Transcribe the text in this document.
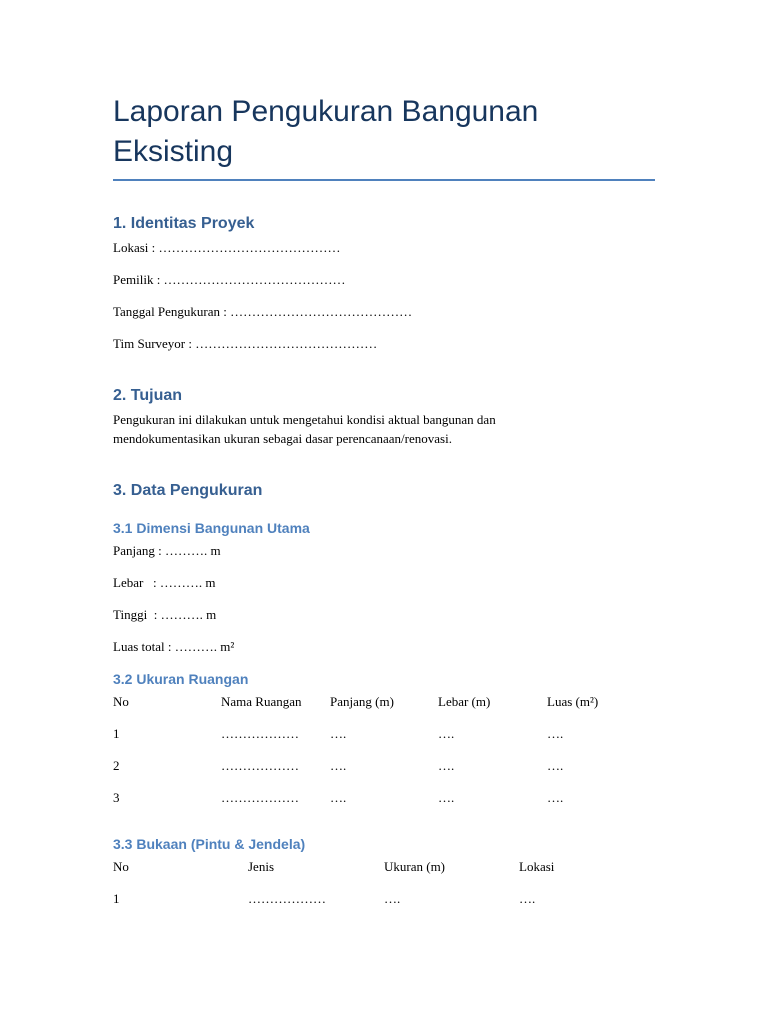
Laporan Pengukuran Bangunan
Eksisting
1. Identitas Proyek

Lokasi : ……………………………………

Pemilik : ……………………………………

Tanggal Pengukuran : ……………………………………

Tim Surveyor : ……………………………………

2. Tujuan

Pengukuran ini dilakukan untuk mengetahui kondisi aktual bangunan dan mendokumentasikan ukuran sebagai dasar perencanaan/renovasi.

3. Data Pengukuran
3.1 Dimensi Bangunan Utama

Panjang : ………. m

Lebar   : ………. m

Tinggi  : ………. m

Luas total : ………. m²

3.2 Ukuran Ruangan
No	Nama Ruangan	Panjang (m)	Lebar (m)	Luas (m²)
1	………………	….	….	….
2	………………	….	….	….
3	………………	….	….	….
3.3 Bukaan (Pintu & Jendela)
No	Jenis	Ukuran (m)	Lokasi
1	………………	….	….
